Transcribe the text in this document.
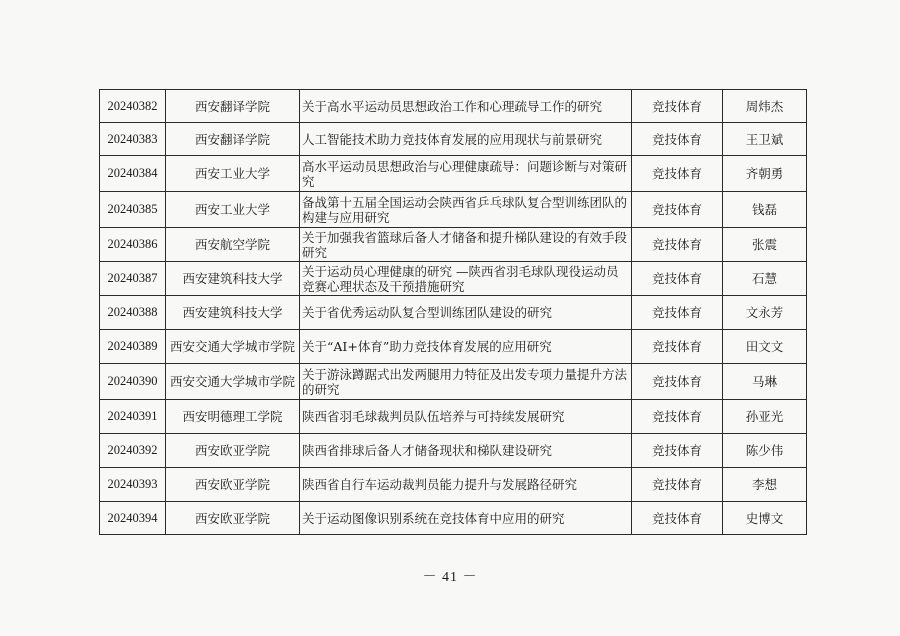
20240382	西安翻译学院	关于高水平运动员思想政治工作和心理疏导工作的研究	竞技体育	周炜杰
20240383	西安翻译学院	人工智能技术助力竞技体育发展的应用现状与前景研究	竞技体育	王卫斌
20240384	西安工业大学	高水平运动员思想政治与心理健康疏导：问题诊断与对策研究	竞技体育	齐朝勇
20240385	西安工业大学	备战第十五届全国运动会陕西省乒乓球队复合型训练团队的构建与应用研究	竞技体育	钱磊
20240386	西安航空学院	关于加强我省篮球后备人才储备和提升梯队建设的有效手段研究	竞技体育	张震
20240387	西安建筑科技大学	关于运动员心理健康的研究 —陕西省羽毛球队现役运动员竞赛心理状态及干预措施研究	竞技体育	石慧
20240388	西安建筑科技大学	关于省优秀运动队复合型训练团队建设的研究	竞技体育	文永芳
20240389	西安交通大学城市学院	关于“AI+体育”助力竞技体育发展的应用研究	竞技体育	田文文
20240390	西安交通大学城市学院	关于游泳蹲踞式出发两腿用力特征及出发专项力量提升方法的研究	竞技体育	马琳
20240391	西安明德理工学院	陕西省羽毛球裁判员队伍培养与可持续发展研究	竞技体育	孙亚光
20240392	西安欧亚学院	陕西省排球后备人才储备现状和梯队建设研究	竞技体育	陈少伟
20240393	西安欧亚学院	陕西省自行车运动裁判员能力提升与发展路径研究	竞技体育	李想
20240394	西安欧亚学院	关于运动图像识别系统在竞技体育中应用的研究	竞技体育	史博文
－ 41 －
